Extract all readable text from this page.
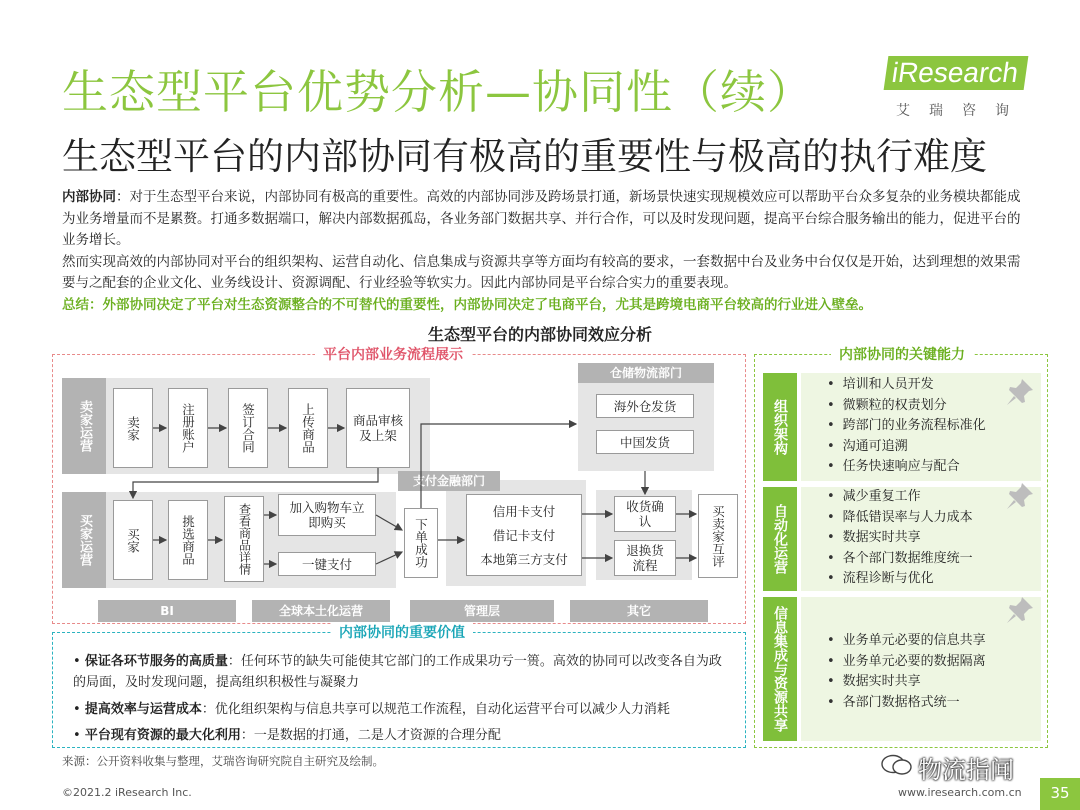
生态型平台优势分析—协同性（续）
生态型平台的内部协同有极高的重要性与极高的执行难度
iResearch
艾瑞咨询
内部协同：对于生态型平台来说，内部协同有极高的重要性。高效的内部协同涉及跨场景打通，新场景快速实现规模效应可以帮助平台众多复杂的业务模块都能成为业务增量而不是累赘。打通多数据端口，解决内部数据孤岛，各业务部门数据共享、并行合作，可以及时发现问题，提高平台综合服务输出的能力，促进平台的业务增长。
然而实现高效的内部协同对平台的组织架构、运营自动化、信息集成与资源共享等方面均有较高的要求，一套数据中台及业务中台仅仅是开始，达到理想的效果需要与之配套的企业文化、业务线设计、资源调配、行业经验等软实力。因此内部协同是平台综合实力的重要表现。
总结：外部协同决定了平台对生态资源整合的不可替代的重要性，内部协同决定了电商平台，尤其是跨境电商平台较高的行业进入壁垒。
生态型平台的内部协同效应分析
平台内部业务流程展示
卖家运营	卖家	注册账户	签订合同	上传商品	商品审核及上架
仓储物流部门
海外仓发货
中国发货
买家运营	买家	挑选商品	查看商品详情	加入购物车立即购买
一键支付	下单成功
支付金融部门
信用卡支付
借记卡支付
本地第三方支付
收货确认
退换货流程	买卖家互评
BI	全球本土化运营	管理层	其它
内部协同的重要价值
• 保证各环节服务的高质量：任何环节的缺失可能使其它部门的工作成果功亏一篑。高效的协同可以改变各自为政的局面，及时发现问题，提高组织积极性与凝聚力
• 提高效率与运营成本：优化组织架构与信息共享可以规范工作流程，自动化运营平台可以减少人力消耗
• 平台现有资源的最大化利用：一是数据的打通，二是人才资源的合理分配
内部协同的关键能力
组织架构
• 培训和人员开发
• 微颗粒的权责划分
• 跨部门的业务流程标准化
• 沟通可追溯
• 任务快速响应与配合
自动化运营
• 减少重复工作
• 降低错误率与人力成本
• 数据实时共享
• 各个部门数据维度统一
• 流程诊断与优化
信息集成与资源共享
•	业务单元必要的信息共享
• 业务单元必要的数据隔离
• 数据实时共享
• 各部门数据格式统一
来源：公开资料收集与整理，艾瑞咨询研究院自主研究及绘制。
©2021.2 iResearch Inc.	www.iresearch.com.cn
物流指闻
35
